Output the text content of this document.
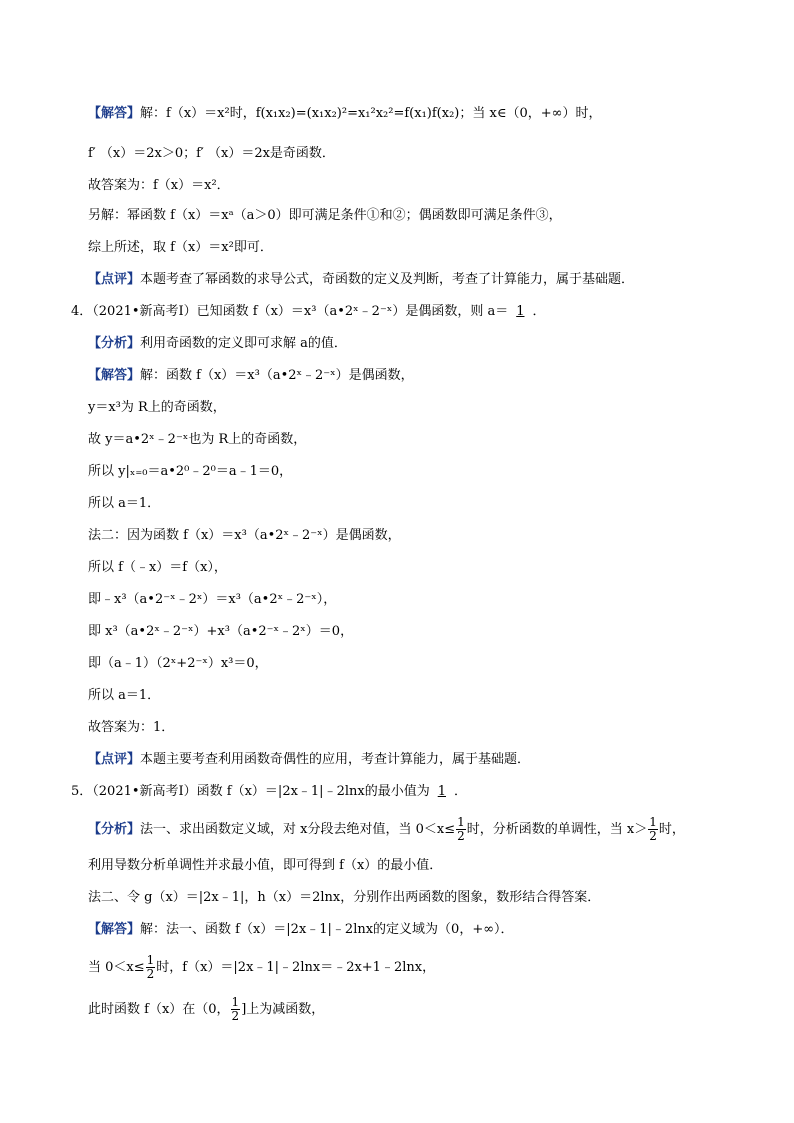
【解答】解：f（x）＝x²时，f(x₁x₂)=(x₁x₂)²=x₁²x₂²=f(x₁)f(x₂)；当 x∈（0，+∞）时，
f′ （x）＝2x＞0；f′ （x）＝2x是奇函数．
故答案为：f（x）＝x²．
另解：幂函数 f（x）＝xᵃ（a＞0）即可满足条件①和②；偶函数即可满足条件③，
综上所述，取 f（x）＝x²即可．
【点评】本题考查了幂函数的求导公式，奇函数的定义及判断，考查了计算能力，属于基础题．
4．（2021•新高考Ⅰ）已知函数 f（x）＝x³（a•2ˣ﹣2⁻ˣ）是偶函数，则 a＝ 1 ．
【分析】利用奇函数的定义即可求解 a的值．
【解答】解：函数 f（x）＝x³（a•2ˣ﹣2⁻ˣ）是偶函数，
y＝x³为 R上的奇函数，
故 y＝a•2ˣ﹣2⁻ˣ也为 R上的奇函数，
所以 y|ₓ₌₀＝a•2⁰﹣2⁰＝a﹣1＝0，
所以 a＝1．
法二：因为函数 f（x）＝x³（a•2ˣ﹣2⁻ˣ）是偶函数，
所以 f（﹣x）＝f（x），
即﹣x³（a•2⁻ˣ﹣2ˣ）＝x³（a•2ˣ﹣2⁻ˣ），
即 x³（a•2ˣ﹣2⁻ˣ）+x³（a•2⁻ˣ﹣2ˣ）＝0，
即（a﹣1）（2ˣ+2⁻ˣ）x³＝0，
所以 a＝1．
故答案为：1．
【点评】本题主要考查利用函数奇偶性的应用，考查计算能力，属于基础题．
5．（2021•新高考Ⅰ）函数 f（x）＝|2x﹣1|﹣2lnx的最小值为 1 ．
【分析】法一、求出函数定义域，对 x分段去绝对值，当 $0<x\le \frac{1}{2}$ 时，分析函数的单调性，当 $x> \frac{1}{2}$ 时，
利用导数分析单调性并求最小值，即可得到 f（x）的最小值．
法二、令 g（x）＝|2x﹣1|，h（x）＝2lnx，分别作出两函数的图象，数形结合得答案．
【解答】解：法一、函数 f（x）＝|2x﹣1|﹣2lnx的定义域为（0，+∞）．
当 $0<x\le \frac{1}{2}$ 时，f（x）＝|2x﹣1|﹣2lnx＝﹣2x+1﹣2lnx，
此时函数 f（x）在（0， $\frac{1}{2}$ ]上为减函数，
